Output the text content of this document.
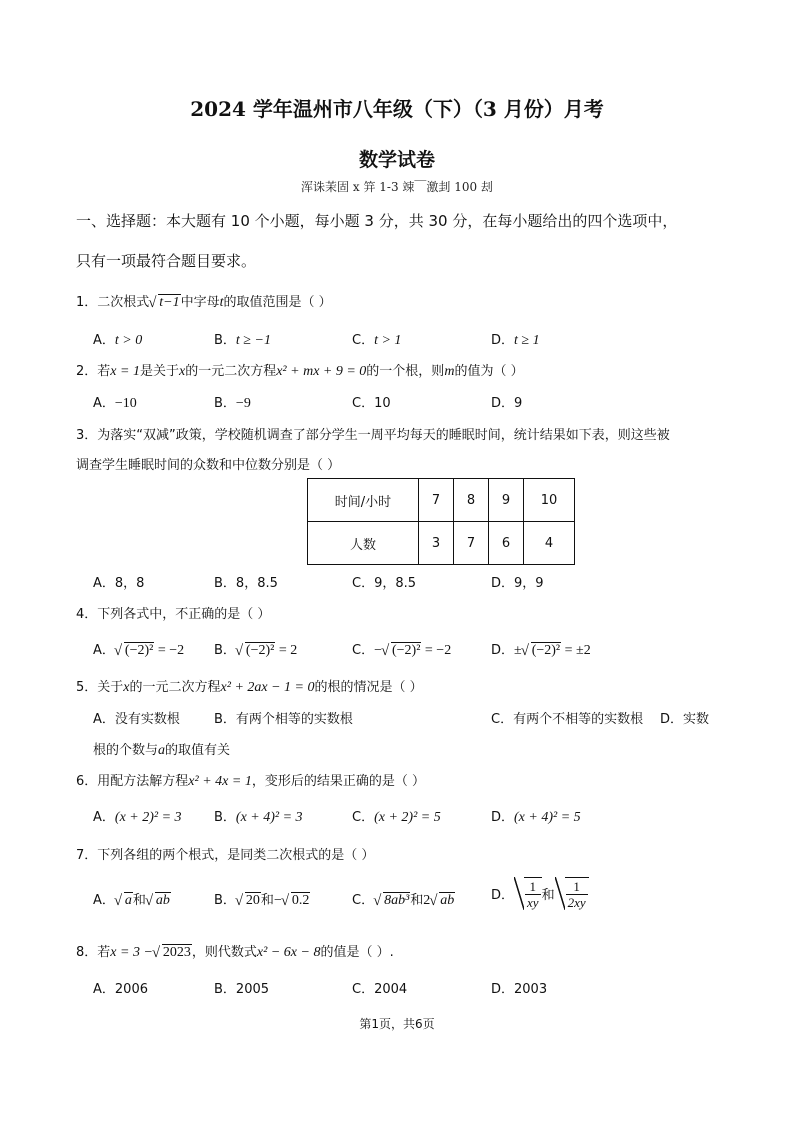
2024 学年温州市八年级（下）（3 月份）月考
数学试卷
浑诛茉固 x 笄 1-3 竦￣激刲 100 刦
一、选择题：本大题有 10 个小题，每小题 3 分，共 30 分，在每小题给出的四个选项中，
只有一项最符合题目要求。
1．二次根式 √ t−1中字母t的取值范围是（ ）
A．t > 0	B．t ≥ −1	C．t > 1	D．t ≥ 1
2．若x = 1是关于x的一元二次方程x² + mx + 9 = 0的一个根，则m的值为（ ）
A．−10	B．−9	C．10	D．9
3．为落实“双减”政策，学校随机调查了部分学生一周平均每天的睡眠时间，统计结果如下表，则这些被
调查学生睡眠时间的众数和中位数分别是（ ）
时间/小时	7	8	9	10
人数	3	7	6	4
A．8，8	B．8，8.5	C．9，8.5	D．9，9
4．下列各式中，不正确的是（ ）
A． √ (−2)² = −2 B． √ (−2)² = 2	C．− √ (−2)² = −2	D．± √ (−2)² = ±2
5．关于x的一元二次方程x² + 2ax − 1 = 0的根的情况是（ ）
A．没有实数根	B．有两个相等的实数根	C．有两个不相等的实数根 D．实数
根的个数与a的取值有关
6．用配方法解方程x² + 4x = 1，变形后的结果正确的是（ ）
A．(x + 2)² = 3 B．(x + 4)² = 3	C．(x + 2)² = 5	D．(x + 4)² = 5
7．下列各组的两个根式，是同类二次根式的是（ ）
A． √ a和 √ ab	B． √ 20和− √ 0.2	C． √ 8ab³和2 √ ab	D． $\frac{1}{xy}$ 和 $\frac{1}{2xy}$
8．若x = 3 − √ 2023，则代数式x² − 6x − 8的值是（ ）.
A．2006	B．2005	C．2004	D．2003
第1页，共6页
